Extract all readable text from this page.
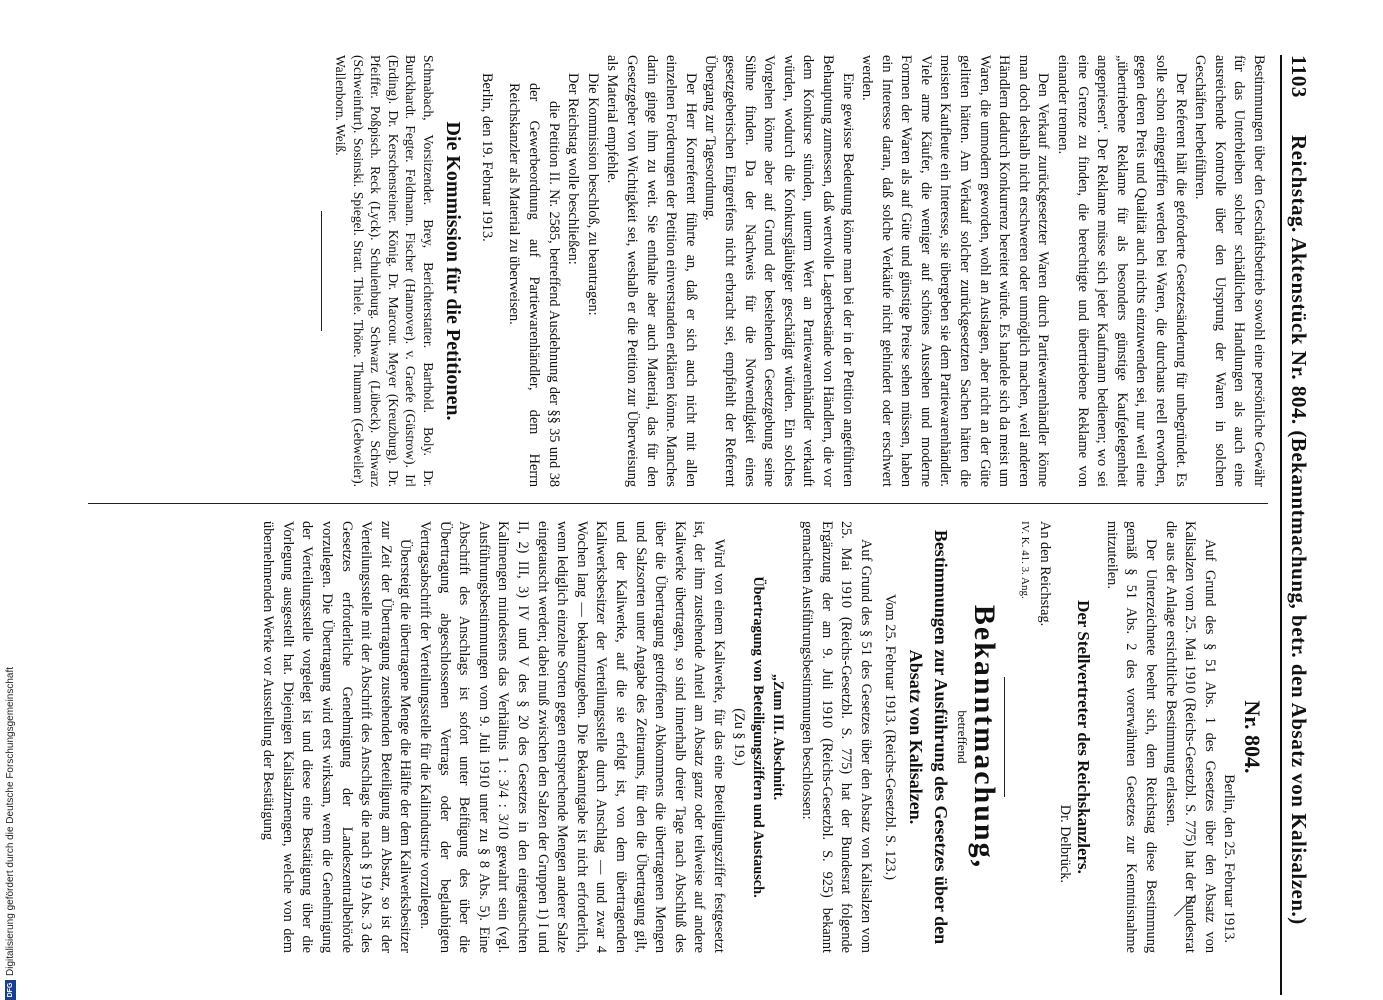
1103
Reichstag. Aktenstück Nr. 804. (Bekanntmachung, betr. den Absatz von Kalisalzen.)

Bestimmungen über den Geschäftsbetrieb sowohl eine persönliche Gewähr für das Unterbleiben solcher schädlichen Handlungen als auch eine ausreichende Kontrolle über den Ursprung der Waren in solchen Geschäften herbeiführen.

Der Referent hält die geforderte Gesetzesänderung für unbegründet. Es solle schon eingegriffen werden bei Waren, die durchaus reell erworben, gegen deren Preis und Qualität auch nichts einzuwenden sei, nur weil eine „übertriebene Reklame für als besonders günstige Kaufgelegenheit angepriesen“. Der Reklame müsse sich jeder Kaufmann bedienen; wo sei eine Grenze zu finden, die berechtigte und übertriebene Reklame von einander trennen.

Den Verkauf zurückgesetzter Waren durch Partiewarenhändler könne man doch deshalb nicht erschweren oder unmöglich machen, weil anderen Händlern dadurch Konkurrenz bereitet würde. Es handele sich da meist um Waren, die unmodern geworden, wohl an Auslagen, aber nicht an der Güte gelitten hätten. Am Verkauf solcher zurückgesetzten Sachen hätten die meisten Kaufleute ein Interesse, sie übergeben sie dem Partiewarenhändler. Viele arme Käufer, die weniger auf schönes Aussehen und moderne Formen der Waren als auf Güte und günstige Preise sehen müssen, haben ein Interesse daran, daß solche Verkäufe nicht gehindert oder erschwert werden.

Eine gewisse Bedeutung könne man bei der in der Petition angeführten Behauptung zumessen, daß wertvolle Lagerbestände von Händlern, die vor dem Konkurse stünden, unterm Wert an Partiewarenhändler verkauft würden, wodurch die Konkursgläubiger geschädigt würden. Ein solches Vorgehen könne aber auf Grund der bestehenden Gesetzgebung seine Sühne finden. Da der Nachweis für die Notwendigkeit eines gesetzgeberischen Eingreifens nicht erbracht sei, empfiehlt der Referent Übergang zur Tagesordnung.

Der Herr Korreferent führte an, daß er sich auch nicht mit allen einzelnen Forderungen der Petition einverstanden erklären könne. Manches darin ginge ihm zu weit. Sie enthalte aber auch Material, das für den Gesetzgeber von Wichtigkeit sei, weshalb er die Petition zur Überweisung als Material empfehle.

Die Kommission beschloß, zu beantragen:

Der Reichstag wolle beschließen:

die Petition II. Nr. 2585, betreffend Ausdehnung der §§ 35 und 38 der Gewerbeordnung auf Partiewarenhändler, dem Herrn Reichskanzler als Material zu überweisen.

Berlin, den 19. Februar 1913.

Die Kommission für die Petitionen.

Schmabach, Vorsitzender. Brey, Berichterstatter. Barthold. Boly. Dr. Burckhardt. Fegter. Feldmann. Fischer (Hannover). v. Graefe (Güstrow). Irl (Erding). Dr. Kerschensteiner. König. Dr. Marcour. Meyer (Kreuzburg). Dr. Pfeiffer. Poßpisch. Reck (Lyck). Schulenburg. Schwarz (Lübeck). Schwarz (Schweinfurt). Sosinski. Spiegel. Stratt. Thiele. Thöne. Thumann (Gebweiler). Wallenborn. Weiß.

Nr. 804.
Berlin, den 25. Februar 1913.

Auf Grund des § 51 Abs. 1 des Gesetzes über den Absatz von Kalisalzen vom 25. Mai 1910 (Reichs-Gesetzbl. S. 775) hat der Bundesrat die aus der Anlage ersichtliche Bestimmung erlassen.

Der Unterzeichnete beehrt sich, dem Reichstag diese Bestimmung gemäß § 51 Abs. 2 des vorerwähnten Gesetzes zur Kenntnisnahme mitzuteilen.

Der Stellvertreter des Reichskanzlers.
Dr. Delbrück.

An den Reichstag.

IV. K. 41. 3. Ang.

Bekanntmachung,
betreffend
Bestimmungen zur Ausführung des Gesetzes über den Absatz von Kalisalzen.
Vom 25. Februar 1913. (Reichs-Gesetzbl. S. 123.)

Auf Grund des § 51 des Gesetzes über den Absatz von Kalisalzen vom 25. Mai 1910 (Reichs-Gesetzbl. S. 775) hat der Bundesrat folgende Ergänzung der am 9. Juli 1910 (Reichs-Gesetzbl. S. 925) bekannt gemachten Ausführungsbestimmungen beschlossen:

„Zum III. Abschnitt.
Übertragung von Beteiligungsziffern und Austausch.
(Zu § 19.)

Wird von einem Kaliwerke, für das eine Beteiligungsziffer festgesetzt ist, der ihm zustehende Anteil am Absatz ganz oder teilweise auf andere Kaliwerke übertragen, so sind innerhalb dreier Tage nach Abschluß des über die Übertragung getroffenen Abkommens die übertragenen Mengen und Salzsorten unter Angabe des Zeitraums, für den die Übertragung gilt, und der Kaliwerke, auf die sie erfolgt ist, von dem übertragenden Kaliwerksbesitzer der Verteilungsstelle durch Anschlag — und zwar 4 Wochen lang — bekanntzugeben. Die Bekanntgabe ist nicht erforderlich, wenn lediglich einzelne Sorten gegen entsprechende Mengen anderer Salze eingetauscht werden; dabei muß zwischen den Salzen der Gruppen 1) I und II, 2) III, 3) IV und V des § 20 des Gesetzes in den eingetauschten Kalimengen mindestens das Verhältnis 1 : 3/4 : 3/10 gewahrt sein (vgl. Ausführungsbestimmungen vom 9. Juli 1910 unter zu § 8 Abs. 5). Eine Abschrift des Anschlags ist sofort unter Beifügung des über die Übertragung abgeschlossenen Vertrags oder der beglaubigten Vertragsabschrift der Verteilungsstelle für die Kaliindustrie vorzulegen.

Übersteigt die übertragene Menge die Hälfte der dem Kaliwerksbesitzer zur Zeit der Übertragung zustehenden Beteiligung am Absatz, so ist der Verteilungsstelle mit der Abschrift des Anschlags die nach § 19 Abs. 3 des Gesetzes erforderliche Genehmigung der Landeszentralbehörde vorzulegen. Die Übertragung wird erst wirksam, wenn die Genehmigung der Verteilungsstelle vorgelegt ist und diese eine Bestätigung über die Vorlegung ausgestellt hat. Diejenigen Kalisalzmengen, welche von dem übernehmenden Werke vor Ausstellung der Bestätigung

DFG
Digitalisierung gefördert durch die Deutsche Forschungsgemeinschaft
